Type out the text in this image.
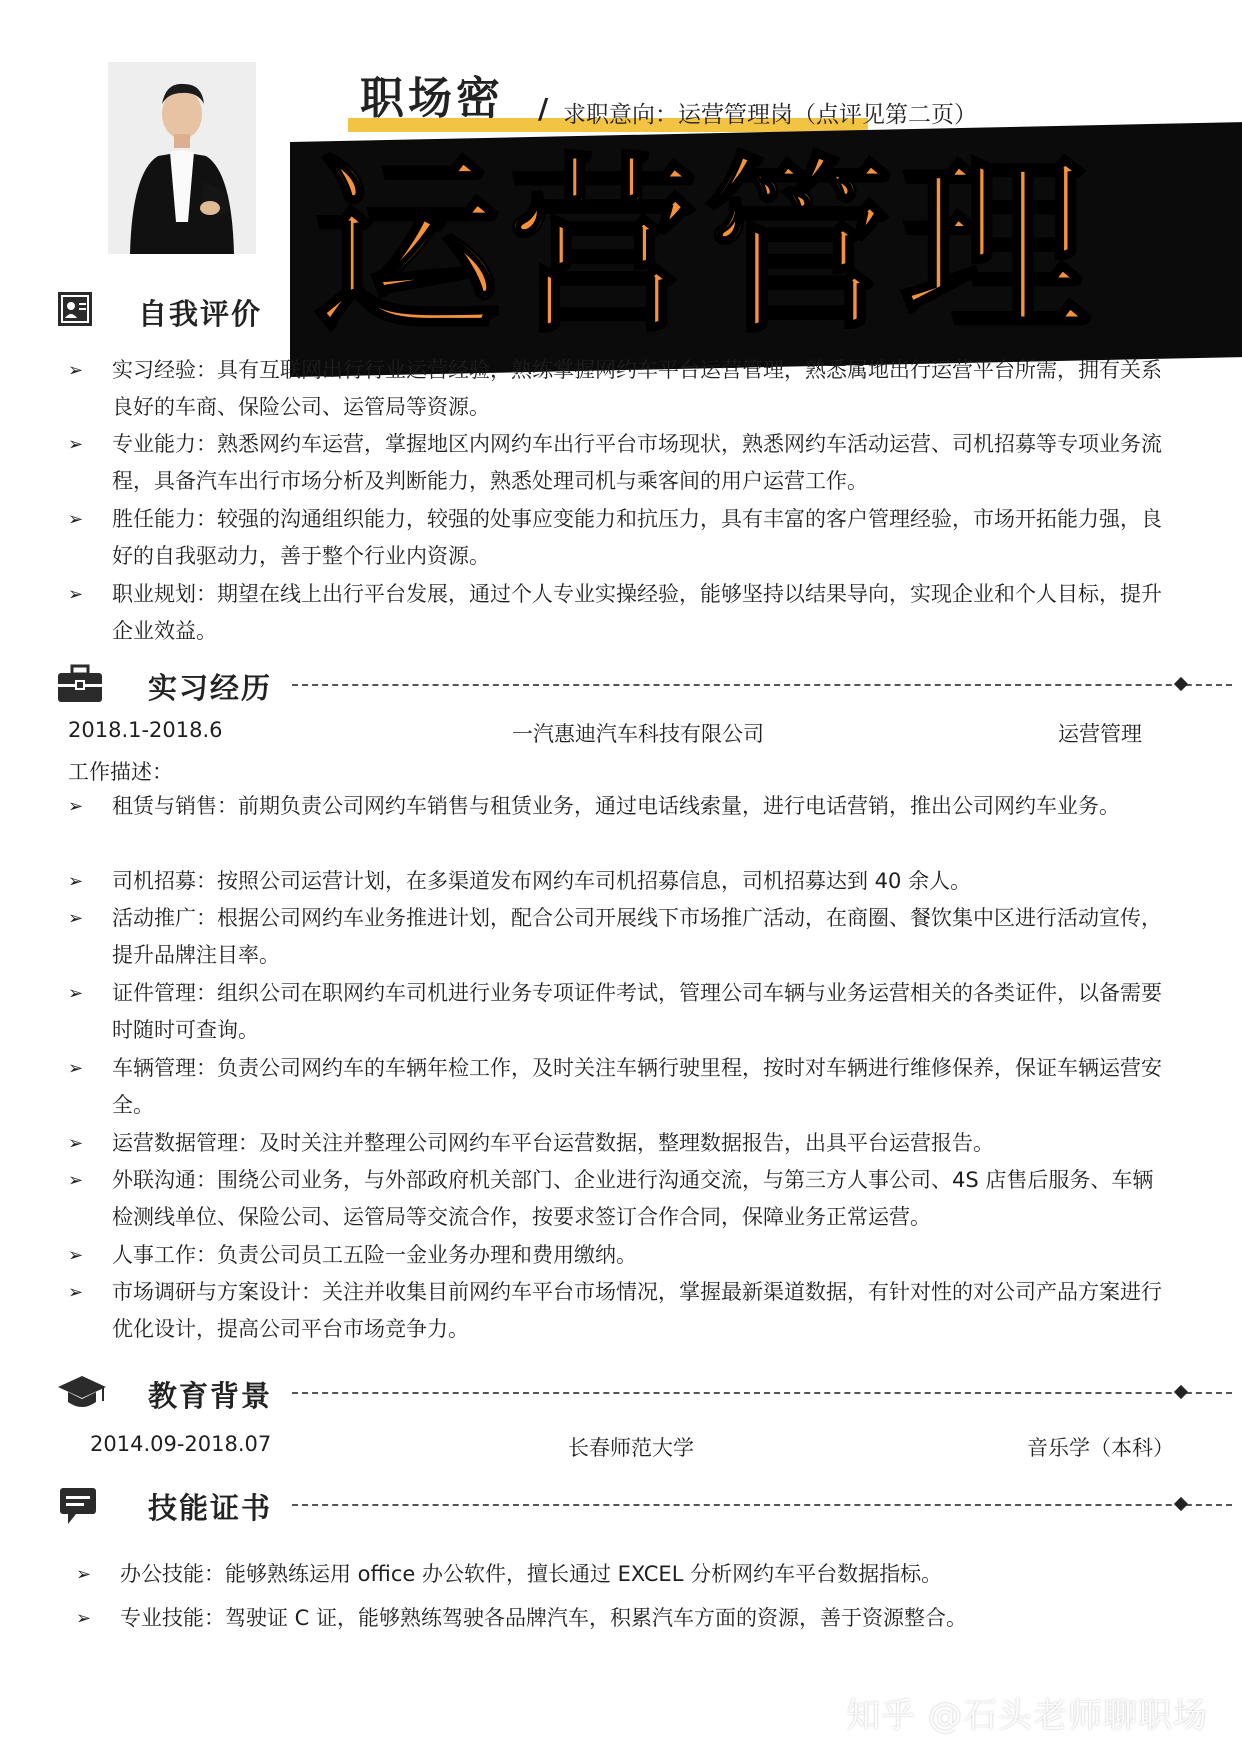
职场密 / 求职意向：运营管理岗（点评见第二页）
运营管理
自我评价
➢ 实习经验：具有互联网出行行业运营经验，熟练掌握网约车平台运营管理，熟悉属地出行运营平台所需，拥有关系良好的车商、保险公司、运管局等资源。
➢ 专业能力：熟悉网约车运营，掌握地区内网约车出行平台市场现状，熟悉网约车活动运营、司机招募等专项业务流程，具备汽车出行市场分析及判断能力，熟悉处理司机与乘客间的用户运营工作。
➢ 胜任能力：较强的沟通组织能力，较强的处事应变能力和抗压力，具有丰富的客户管理经验，市场开拓能力强，良好的自我驱动力，善于整个行业内资源。
➢ 职业规划：期望在线上出行平台发展，通过个人专业实操经验，能够坚持以结果导向，实现企业和个人目标，提升企业效益。
实习经历
2018.1-2018.6	一汽惠迪汽车科技有限公司	运营管理
工作描述：
➢ 租赁与销售：前期负责公司网约车销售与租赁业务，通过电话线索量，进行电话营销，推出公司网约车业务。
➢ 司机招募：按照公司运营计划，在多渠道发布网约车司机招募信息，司机招募达到 40 余人。
➢ 活动推广：根据公司网约车业务推进计划，配合公司开展线下市场推广活动，在商圈、餐饮集中区进行活动宣传，提升品牌注目率。
➢ 证件管理：组织公司在职网约车司机进行业务专项证件考试，管理公司车辆与业务运营相关的各类证件，以备需要时随时可查询。
➢ 车辆管理：负责公司网约车的车辆年检工作，及时关注车辆行驶里程，按时对车辆进行维修保养，保证车辆运营安全。
➢ 运营数据管理：及时关注并整理公司网约车平台运营数据，整理数据报告，出具平台运营报告。
➢ 外联沟通：围绕公司业务，与外部政府机关部门、企业进行沟通交流，与第三方人事公司、4S 店售后服务、车辆检测线单位、保险公司、运管局等交流合作，按要求签订合作合同，保障业务正常运营。
➢ 人事工作：负责公司员工五险一金业务办理和费用缴纳。
➢ 市场调研与方案设计：关注并收集目前网约车平台市场情况，掌握最新渠道数据，有针对性的对公司产品方案进行优化设计，提高公司平台市场竞争力。
教育背景
2014.09-2018.07	长春师范大学	音乐学（本科）
技能证书
➢ 办公技能：能够熟练运用 office 办公软件，擅长通过 EXCEL 分析网约车平台数据指标。
➢ 专业技能：驾驶证 C 证，能够熟练驾驶各品牌汽车，积累汽车方面的资源，善于资源整合。
知乎 @石头老师聊职场
